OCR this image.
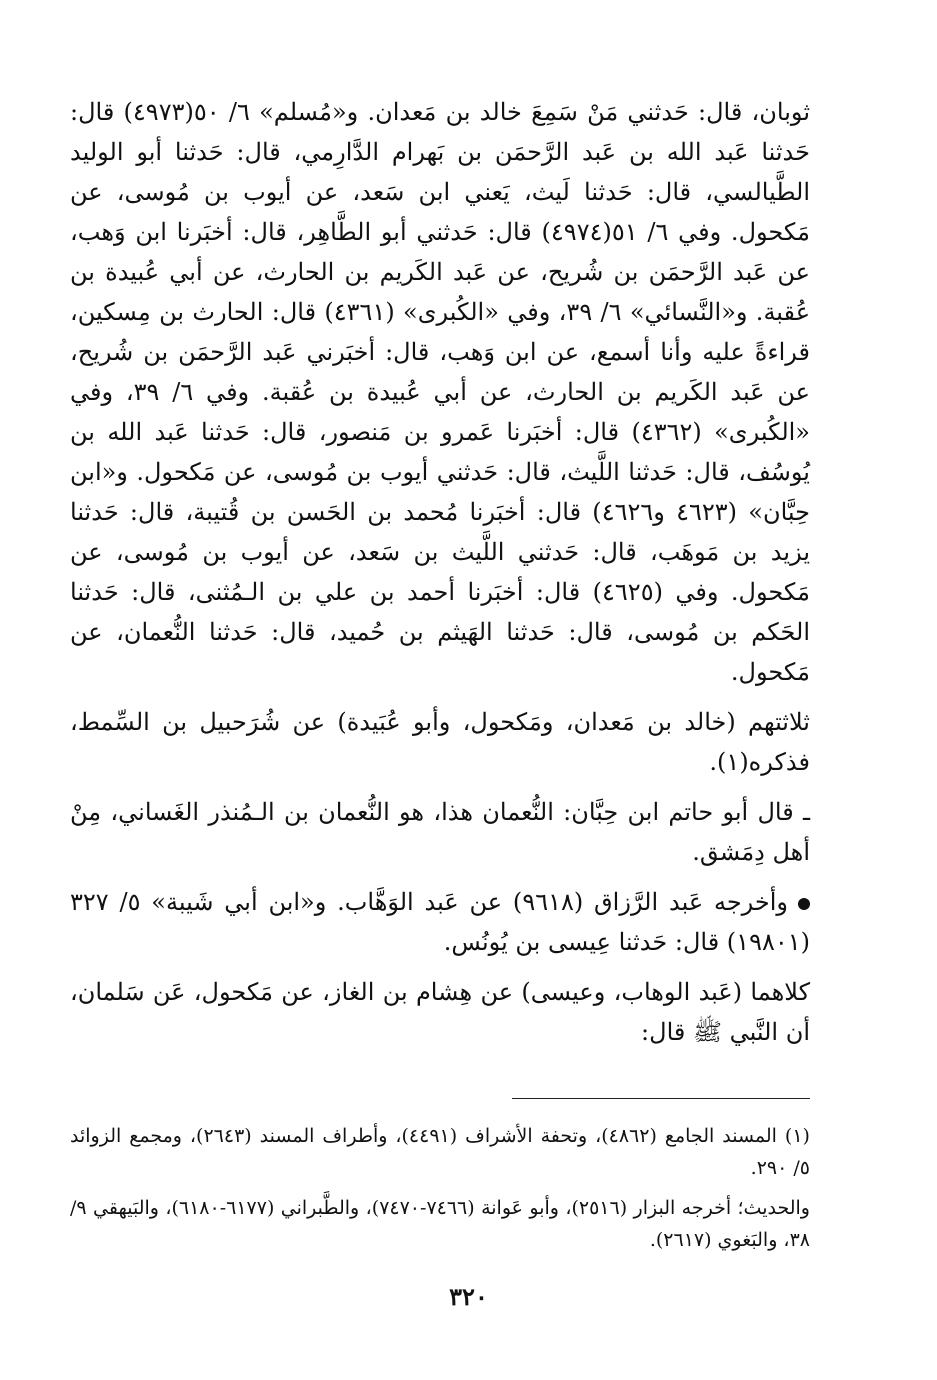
ثوبان، قال: حَدثني مَنْ سَمِعَ خالد بن مَعدان. و«مُسلم» ٦/ ٥٠(٤٩٧٣) قال: حَدثنا عَبد الله بن عَبد الرَّحمَن بن بَهرام الدَّارِمي، قال: حَدثنا أبو الوليد الطَّيالسي، قال: حَدثنا لَيث، يَعني ابن سَعد، عن أيوب بن مُوسى، عن مَكحول. وفي ٦/ ٥١(٤٩٧٤) قال: حَدثني أبو الطَّاهِر، قال: أخبَرنا ابن وَهب، عن عَبد الرَّحمَن بن شُريح، عن عَبد الكَريم بن الحارث، عن أبي عُبيدة بن عُقبة. و«النَّسائي» ٦/ ٣٩، وفي «الكُبرى» (٤٣٦١) قال: الحارث بن مِسكين، قراءةً عليه وأنا أسمع، عن ابن وَهب، قال: أخبَرني عَبد الرَّحمَن بن شُريح، عن عَبد الكَريم بن الحارث، عن أبي عُبيدة بن عُقبة. وفي ٦/ ٣٩، وفي «الكُبرى» (٤٣٦٢) قال: أخبَرنا عَمرو بن مَنصور، قال: حَدثنا عَبد الله بن يُوسُف، قال: حَدثنا اللَّيث، قال: حَدثني أيوب بن مُوسى، عن مَكحول. و«ابن حِبَّان» (٤٦٢٣ و٤٦٢٦) قال: أخبَرنا مُحمد بن الحَسن بن قُتيبة، قال: حَدثنا يزيد بن مَوهَب، قال: حَدثني اللَّيث بن سَعد، عن أيوب بن مُوسى، عن مَكحول. وفي (٤٦٢٥) قال: أخبَرنا أحمد بن علي بن الـمُثنى، قال: حَدثنا الحَكم بن مُوسى، قال: حَدثنا الهَيثم بن حُميد، قال: حَدثنا النُّعمان، عن مَكحول.

ثلاثتهم (خالد بن مَعدان، ومَكحول، وأبو عُبَيدة) عن شُرَحبيل بن السِّمط، فذكره(١).

ـ قال أبو حاتم ابن حِبَّان: النُّعمان هذا، هو النُّعمان بن الـمُنذر الغَساني، مِنْ أهل دِمَشق.

وأخرجه عَبد الرَّزاق (٩٦١٨) عن عَبد الوَهَّاب. و«ابن أبي شَيبة» ٥/ ٣٢٧ (١٩٨٠١) قال: حَدثنا عِيسى بن يُونُس.

كلاهما (عَبد الوهاب، وعيسى) عن هِشام بن الغاز، عن مَكحول، عَن سَلمان، أن النَّبي ﷺ قال:

(١) المسند الجامع (٤٨٦٢)، وتحفة الأشراف (٤٤٩١)، وأطراف المسند (٢٦٤٣)، ومجمع الزوائد ٥/ ٢٩٠.

والحديث؛ أخرجه البزار (٢٥١٦)، وأبو عَوانة (٧٤٦٦-٧٤٧٠)، والطَّبراني (٦١٧٧-٦١٨٠)، والبَيهقي ٩/ ٣٨، والبَغوي (٢٦١٧).

٣٢٠
